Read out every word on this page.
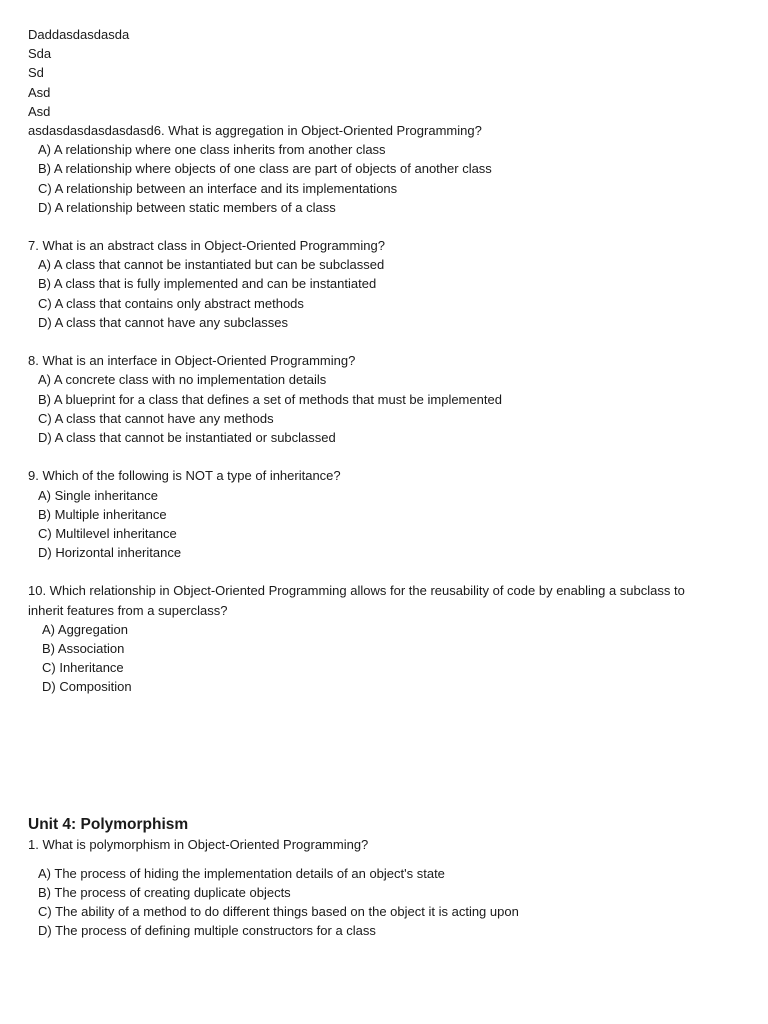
Daddasdasdasda
Sda
Sd
Asd
Asd
asdasdasdasdasdasd6. What is aggregation in Object-Oriented Programming?
A) A relationship where one class inherits from another class
B) A relationship where objects of one class are part of objects of another class
C) A relationship between an interface and its implementations
D) A relationship between static members of a class
7. What is an abstract class in Object-Oriented Programming?
A) A class that cannot be instantiated but can be subclassed
B) A class that is fully implemented and can be instantiated
C) A class that contains only abstract methods
D) A class that cannot have any subclasses
8. What is an interface in Object-Oriented Programming?
A) A concrete class with no implementation details
B) A blueprint for a class that defines a set of methods that must be implemented
C) A class that cannot have any methods
D) A class that cannot be instantiated or subclassed
9. Which of the following is NOT a type of inheritance?
A) Single inheritance
B) Multiple inheritance
C) Multilevel inheritance
D) Horizontal inheritance
10. Which relationship in Object-Oriented Programming allows for the reusability of code by enabling a subclass to inherit features from a superclass?
A) Aggregation
B) Association
C) Inheritance
D) Composition
Unit 4: Polymorphism
1. What is polymorphism in Object-Oriented Programming?
A) The process of hiding the implementation details of an object's state
B) The process of creating duplicate objects
C) The ability of a method to do different things based on the object it is acting upon
D) The process of defining multiple constructors for a class
